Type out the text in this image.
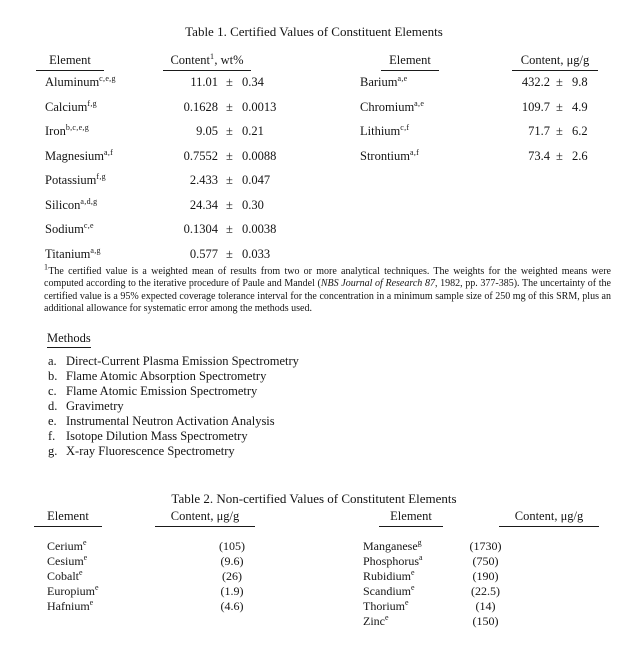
Table 1. Certified Values of Constituent Elements
Element	Content$^1$, wt%	Element	Content, μg/g
Aluminum$^{c,e,g}$	11.01 ± 0.34
Calcium$^{f,g}$	0.1628 ± 0.0013
Iron$^{b,c,e,g}$	9.05 ± 0.21
Magnesium$^{a,f}$	0.7552 ± 0.0088
Potassium$^{f,g}$	2.433 ± 0.047
Silicon$^{a,d,g}$	24.34 ± 0.30
Sodium$^{c,e}$	0.1304 ± 0.0038
Titanium$^{a,g}$	0.577 ± 0.033
Barium$^{a,e}$	432.2 ± 9.8
Chromium$^{a,e}$	109.7 ± 4.9
Lithium$^{c,f}$	71.7 ± 6.2
Strontium$^{a,f}$	73.4 ± 2.6
$^1$The certified value is a weighted mean of results from two or more analytical techniques. The weights for the weighted means were computed according to the iterative procedure of Paule and Mandel (NBS Journal of Research 87, 1982, pp. 377-385). The uncertainty of the certified value is a 95% expected coverage tolerance interval for the concentration in a minimum sample size of 250 mg of this SRM, plus an additional allowance for systematic error among the methods used.
Methods
a. Direct-Current Plasma Emission Spectrometry
b. Flame Atomic Absorption Spectrometry
c. Flame Atomic Emission Spectrometry
d. Gravimetry
e. Instrumental Neutron Activation Analysis
f. Isotope Dilution Mass Spectrometry
g. X-ray Fluorescence Spectrometry
Table 2. Non-certified Values of Constitutent Elements
Element	Content, μg/g	Element	Content, μg/g
Cerium$^e$	(105)
Cesium$^e$	(9.6)
Cobalt$^e$	(26)
Europium$^e$	(1.9)
Hafnium$^e$	(4.6)
Manganese$^g$	(1730)
Phosphorus$^a$	(750)
Rubidium$^e$	(190)
Scandium$^e$	(22.5)
Thorium$^e$	(14)
Zinc$^e$	(150)
